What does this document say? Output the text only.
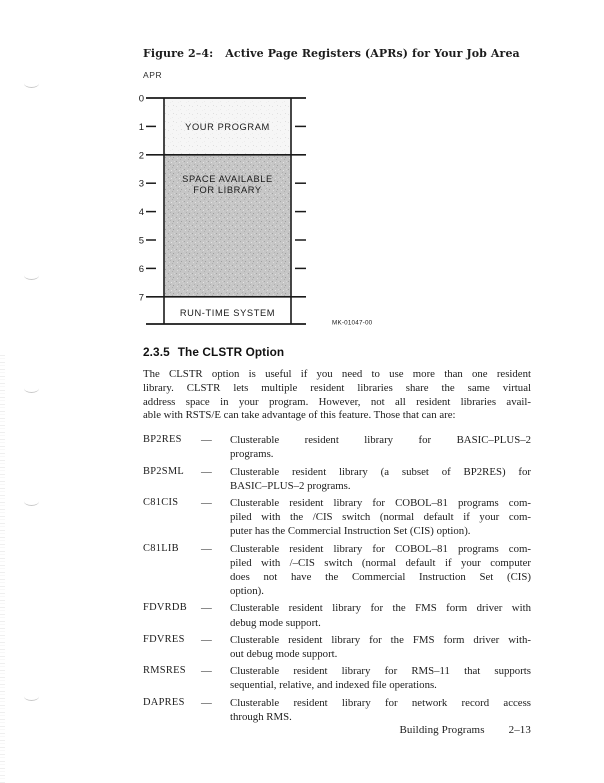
Figure 2–4: Active Page Registers (APRs) for Your Job Area
APR
0
1
2
3
4
5
6
7
YOUR PROGRAM
SPACE AVAILABLE
FOR LIBRARY
RUN-TIME SYSTEM
MK-01047-00
2.3.5 The CLSTR Option
The CLSTR option is useful if you need to use more than one resident
library. CLSTR lets multiple resident libraries share the same virtual
address space in your program. However, not all resident libraries avail-
able with RSTS/E can take advantage of this feature. Those that can are:
BP2RES	—	Clusterable resident library for BASIC–PLUS–2
programs.
BP2SML	—	Clusterable resident library (a subset of BP2RES) for
BASIC–PLUS–2 programs.
C81CIS	—	Clusterable resident library for COBOL–81 programs com-
piled with the /CIS switch (normal default if your com-
puter has the Commercial Instruction Set (CIS) option).
C81LIB	—	Clusterable resident library for COBOL–81 programs com-
piled with /–CIS switch (normal default if your computer
does not have the Commercial Instruction Set (CIS)
option).
FDVRDB	—	Clusterable resident library for the FMS form driver with
debug mode support.
FDVRES	—	Clusterable resident library for the FMS form driver with-
out debug mode support.
RMSRES	—	Clusterable resident library for RMS–11 that supports
sequential, relative, and indexed file operations.
DAPRES	—	Clusterable resident library for network record access
through RMS.
Building Programs 2–13
